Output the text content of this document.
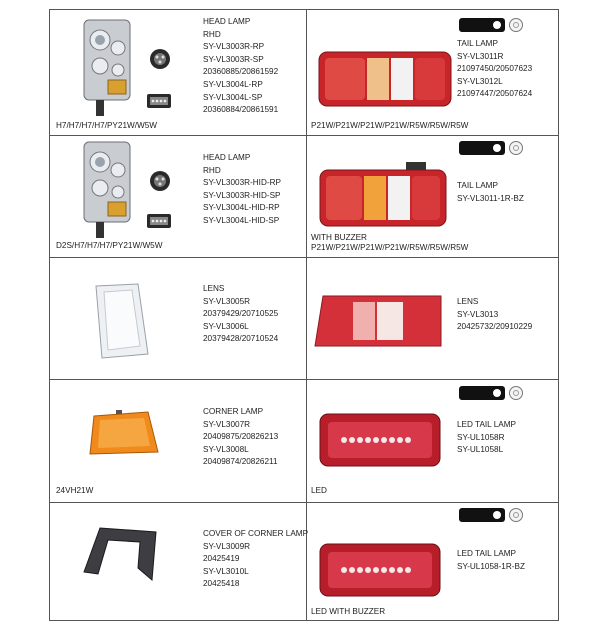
HEAD LAMP
RHD
SY-VL3003R-RP
SY-VL3003R-SP
20360885/20861592
SY-VL3004L-RP
SY-VL3004L-SP
20360884/20861591
H7/H7/H7/H7/PY21W/W5W
TAIL LAMP
SY-VL3011R
21097450/20507623
SY-VL3012L
21097447/20507624
P21W/P21W/P21W/P21W/R5W/R5W/R5W
HEAD LAMP
RHD
SY-VL3003R-HID-RP
SY-VL3003R-HID-SP
SY-VL3004L-HID-RP
SY-VL3004L-HID-SP
D2S/H7/H7/H7/PY21W/W5W
TAIL LAMP
SY-VL3011-1R-BZ
WITH BUZZER
P21W/P21W/P21W/P21W/R5W/R5W/R5W
LENS
SY-VL3005R
20379429/20710525
SY-VL3006L
20379428/20710524
LENS
SY-VL3013
20425732/20910229
CORNER LAMP
SY-VL3007R
20409875/20826213
SY-VL3008L
20409874/20826211
24VH21W
LED TAIL LAMP
SY-UL1058R
SY-UL1058L
LED
COVER OF CORNER LAMP
SY-VL3009R
20425419
SY-VL3010L
20425418
LED TAIL LAMP
SY-UL1058-1R-BZ
LED WITH BUZZER
